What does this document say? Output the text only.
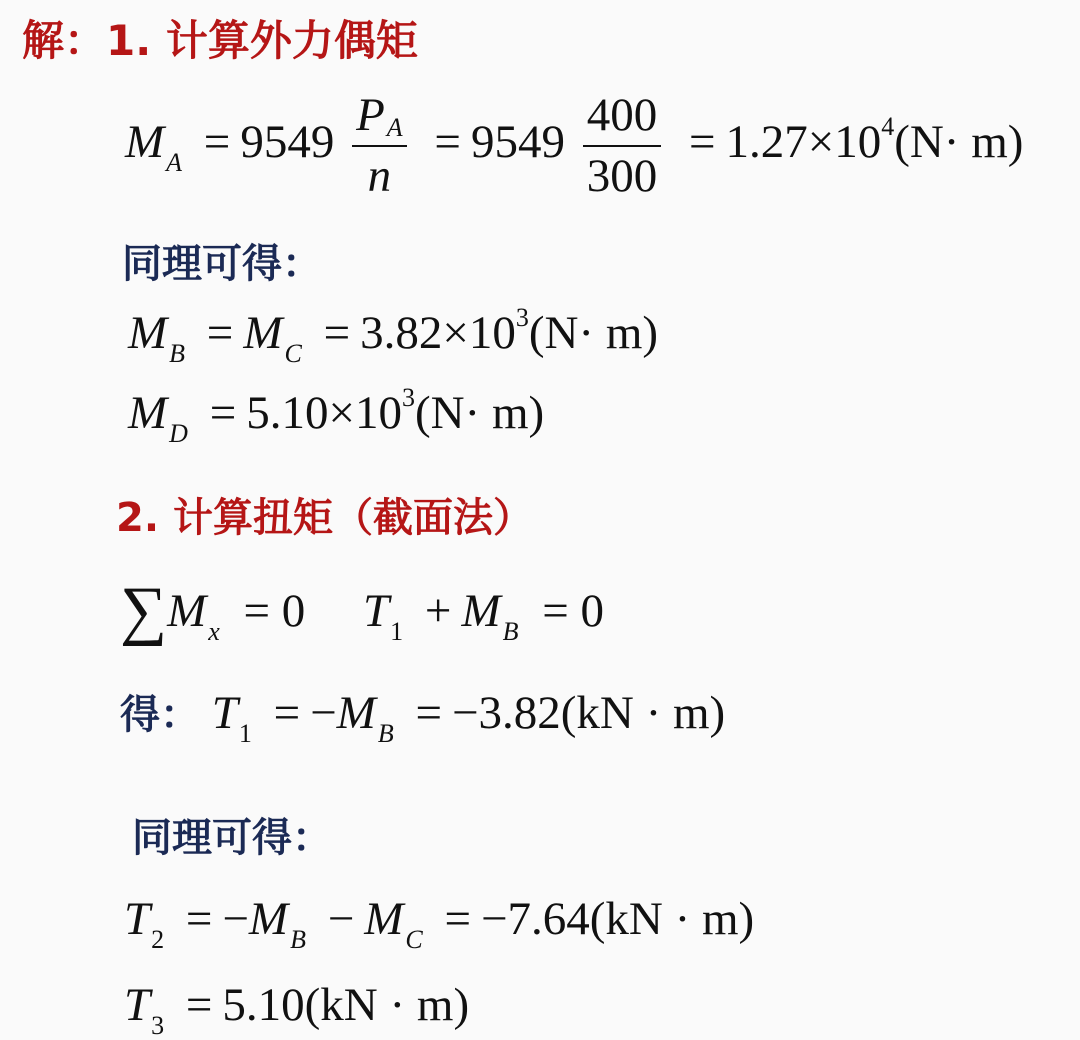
解：1. 计算外力偶矩
$M_A = 9549 \frac{PA}{n} = 9549 \frac{400}{300} = 1.27\times 10^4(N\cdot m)$
同理可得：
$M_B = M_C = 3.82\times 10^3(N\cdot m)$
$M_D = 5.10\times 10^3(N\cdot m)$
2. 计算扭矩（截面法）
$\sum M_x = 0$ $T_1 + M_B = 0$
得： $T_1 = -M_B = -3.82(kN \cdot m)$
同理可得：
$T_2 = -M_B - M_C = -7.64(kN \cdot m)$
$T_3 = 5.10(kN \cdot m)$
